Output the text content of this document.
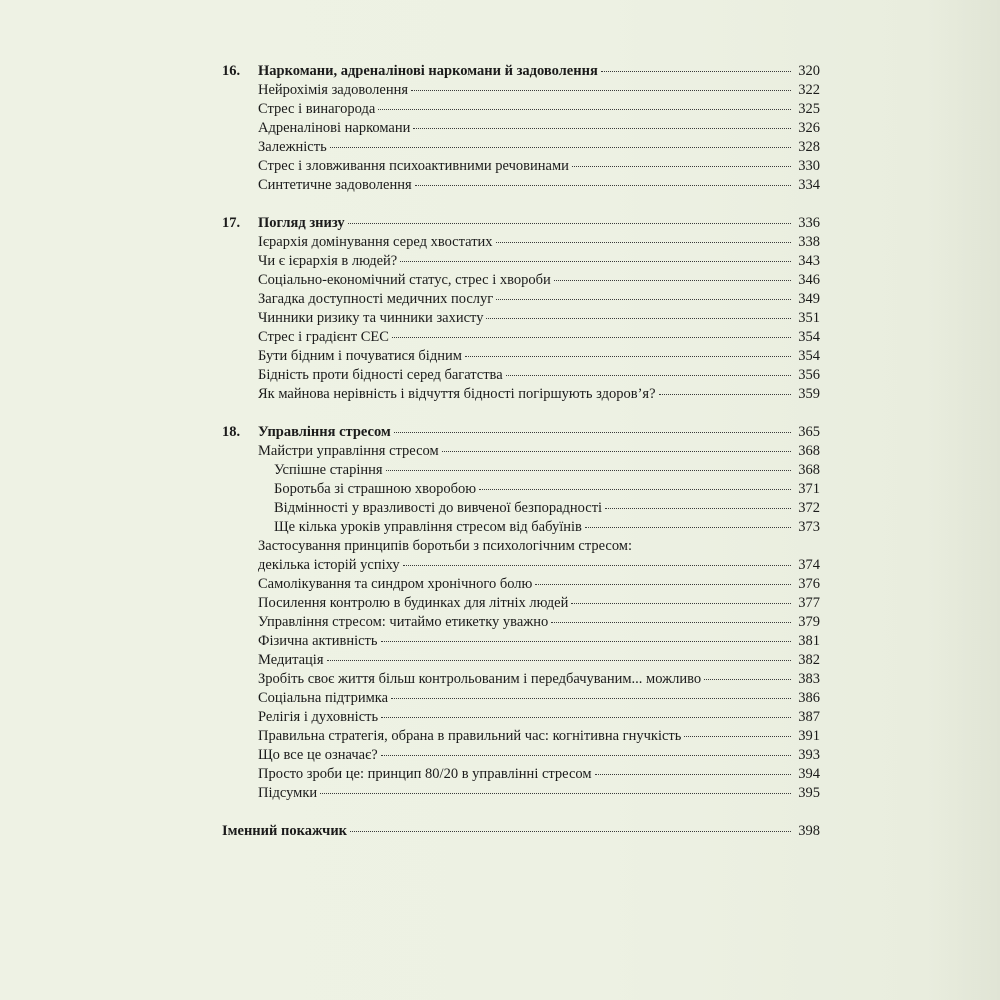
16.	Наркомани, адреналінові наркомани й задоволення	320
Нейрохімія задоволення	322
Стрес і винагорода	325
Адреналінові наркомани	326
Залежність	328
Стрес і зловживання психоактивними речовинами	330
Синтетичне задоволення	334
17.	Погляд знизу	336
Ієрархія домінування серед хвостатих	338
Чи є ієрархія в людей?	343
Соціально-економічний статус, стрес і хвороби	346
Загадка доступності медичних послуг	349
Чинники ризику та чинники захисту	351
Стрес і градієнт СЕС	354
Бути бідним і почуватися бідним	354
Бідність проти бідності серед багатства	356
Як майнова нерівність і відчуття бідності погіршують здоров’я?	359
18.	Управління стресом	365
Майстри управління стресом	368
Успішне старіння	368
Боротьба зі страшною хворобою	371
Відмінності у вразливості до вивченої безпорадності	372
Ще кілька уроків управління стресом від бабуїнів	373
Застосування принципів боротьби з психологічним стресом:
декілька історій успіху	374
Самолікування та синдром хронічного болю	376
Посилення контролю в будинках для літніх людей	377
Управління стресом: читаймо етикетку уважно	379
Фізична активність	381
Медитація	382
Зробіть своє життя більш контрольованим і передбачуваним... можливо	383
Соціальна підтримка	386
Релігія і духовність	387
Правильна стратегія, обрана в правильний час: когнітивна гнучкість	391
Що все це означає?	393
Просто зроби це: принцип 80/20 в управлінні стресом	394
Підсумки	395
Іменний покажчик	398
